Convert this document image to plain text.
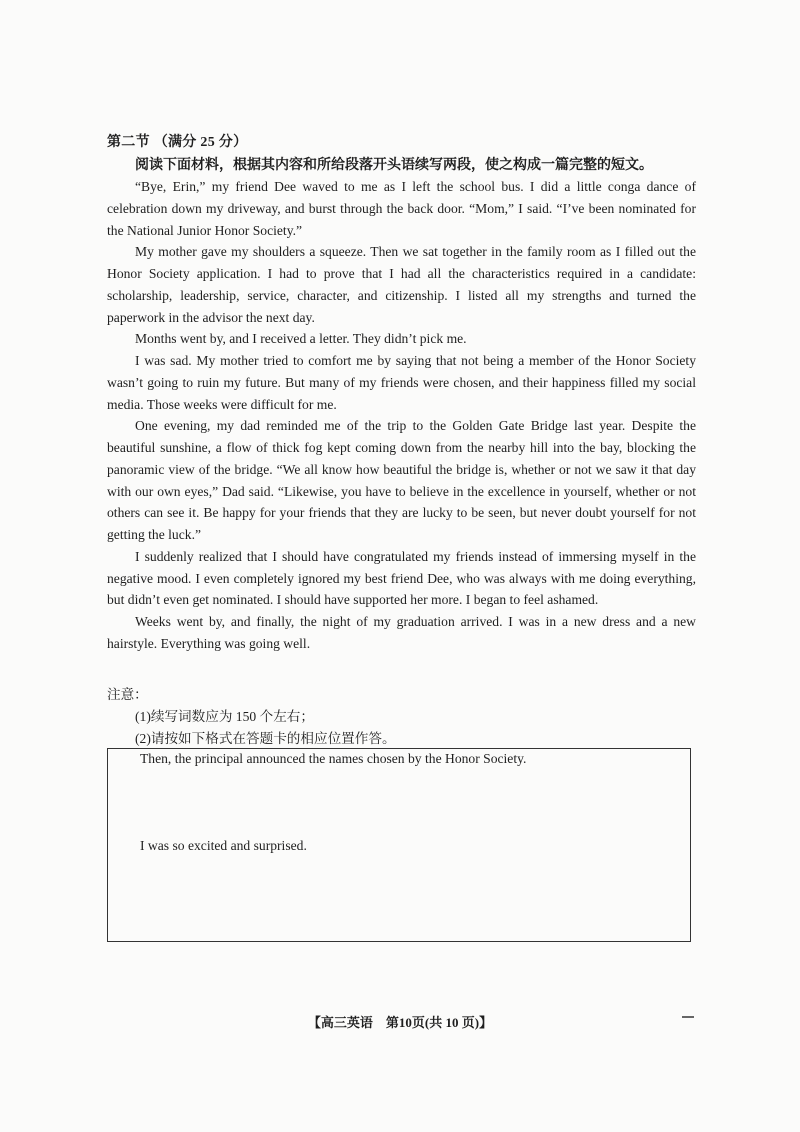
第二节 （满分 25 分）
阅读下面材料，根据其内容和所给段落开头语续写两段，使之构成一篇完整的短文。

“Bye, Erin,” my friend Dee waved to me as I left the school bus. I did a little conga dance of celebration down my driveway, and burst through the back door. “Mom,” I said. “I’ve been nominated for the National Junior Honor Society.”

My mother gave my shoulders a squeeze. Then we sat together in the family room as I filled out the Honor Society application. I had to prove that I had all the characteristics required in a candidate: scholarship, leadership, service, character, and citizenship. I listed all my strengths and turned the paperwork in the advisor the next day.

Months went by, and I received a letter. They didn’t pick me.

I was sad. My mother tried to comfort me by saying that not being a member of the Honor Society wasn’t going to ruin my future. But many of my friends were chosen, and their happiness filled my social media. Those weeks were difficult for me.

One evening, my dad reminded me of the trip to the Golden Gate Bridge last year. Despite the beautiful sunshine, a flow of thick fog kept coming down from the nearby hill into the bay, blocking the panoramic view of the bridge. “We all know how beautiful the bridge is, whether or not we saw it that day with our own eyes,” Dad said. “Likewise, you have to believe in the excellence in yourself, whether or not others can see it. Be happy for your friends that they are lucky to be seen, but never doubt yourself for not getting the luck.”

I suddenly realized that I should have congratulated my friends instead of immersing myself in the negative mood. I even completely ignored my best friend Dee, who was always with me doing everything, but didn’t even get nominated. I should have supported her more. I began to feel ashamed.

Weeks went by, and finally, the night of my graduation arrived. I was in a new dress and a new hairstyle. Everything was going well.

注意：
(1)续写词数应为 150 个左右；
(2)请按如下格式在答题卡的相应位置作答。
Then, the principal announced the names chosen by the Honor Society.
I was so excited and surprised.
【高三英语　第10页(共 10 页)】
